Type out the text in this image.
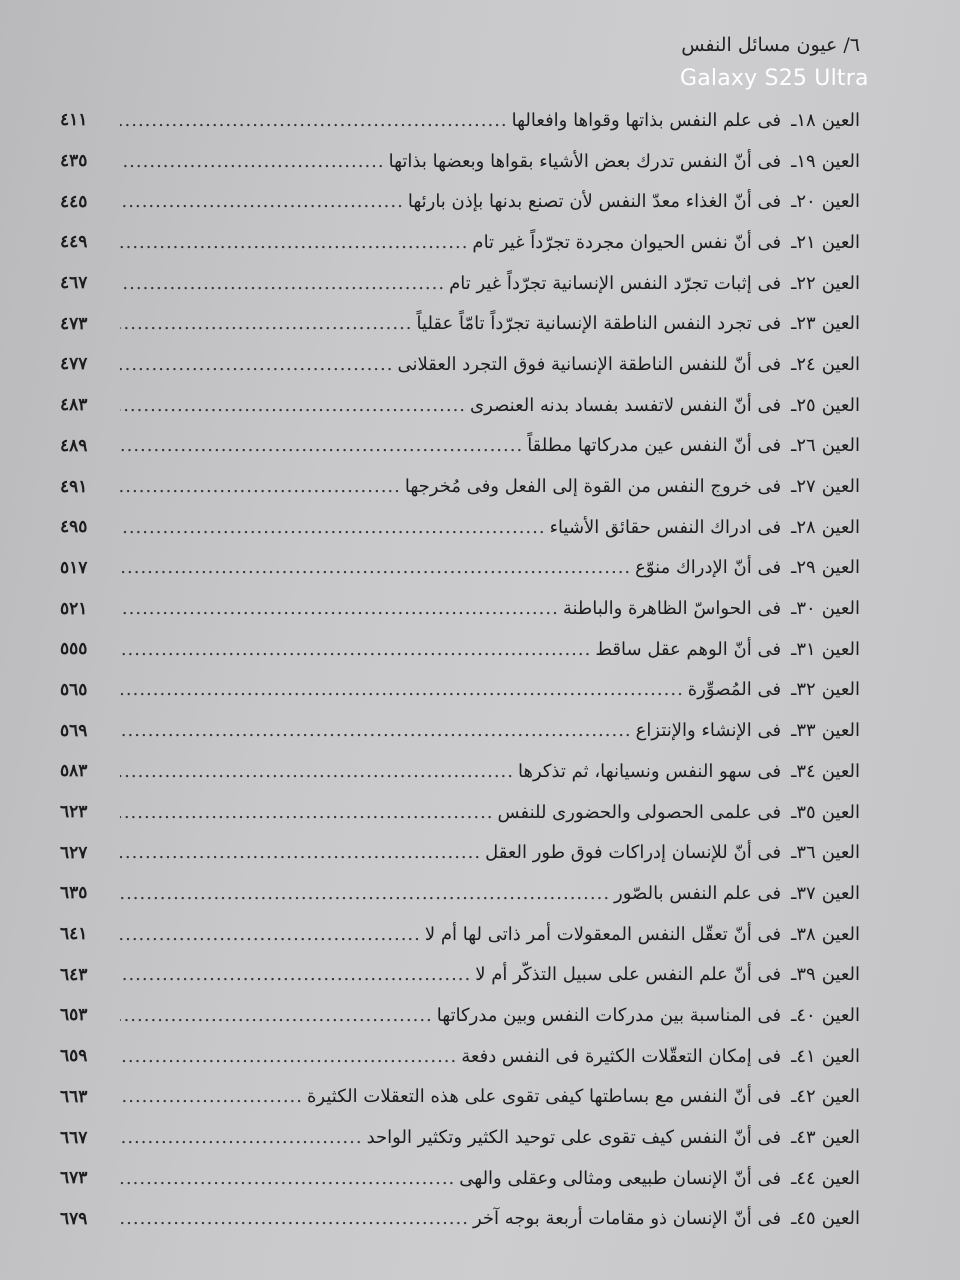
٦/ عيون مسائل النفس
Galaxy S25 Ultra
العين١٨ـ
فى علم النفس بذاتها وقواها وافعالها
.....
٤١١
العين١٩ـ
فى أنّ النفس تدرك بعض الأشياء بقواها وبعضها بذاتها
.....
٤٣٥
العين٢٠ـ
فى أنّ الغذاء معدّ النفس لأن تصنع بدنها بإذن بارئها
.....
٤٤٥
العين٢١ـ
فى أنّ نفس الحيوان مجردة تجرّداً غير تام
.....
٤٤٩
العين٢٢ـ
فى إثبات تجرّد النفس الإنسانية تجرّداً غير تام
.....
٤٦٧
العين٢٣ـ
فى تجرد النفس الناطقة الإنسانية تجرّداً تامّاً عقلياً
.....
٤٧٣
العين٢٤ـ
فى أنّ للنفس الناطقة الإنسانية فوق التجرد العقلانى
.....
٤٧٧
العين٢٥ـ
فى أنّ النفس لاتفسد بفساد بدنه العنصرى
.....
٤٨٣
العين٢٦ـ
فى أنّ النفس عين مدركاتها مطلقاً
.....
٤٨٩
العين٢٧ـ
فى خروج النفس من القوة إلى الفعل وفى مُخرجها
.....
٤٩١
العين٢٨ـ
فى ادراك النفس حقائق الأشياء
.....
٤٩٥
العين٢٩ـ
فى أنّ الإدراك منوّع
.....
٥١٧
العين٣٠ـ
فى الحواسّ الظاهرة والباطنة
.....
٥٢١
العين٣١ـ
فى أنّ الوهم عقل ساقط
.....
٥٥٥
العين٣٢ـ
فى المُصوِّرة
.....
٥٦٥
العين٣٣ـ
فى الإنشاء والإنتزاع
.....
٥٦٩
العين٣٤ـ
فى سهو النفس ونسيانها، ثم تذكرها
.....
٥٨٣
العين٣٥ـ
فى علمى الحصولى والحضورى للنفس
.....
٦٢٣
العين٣٦ـ
فى أنّ للإنسان إدراكات فوق طور العقل
.....
٦٢٧
العين٣٧ـ
فى علم النفس بالصّور
.....
٦٣٥
العين٣٨ـ
فى أنّ تعقّل النفس المعقولات أمر ذاتى لها أم لا
.....
٦٤١
العين٣٩ـ
فى أنّ علم النفس على سبيل التذكّر أم لا
.....
٦٤٣
العين٤٠ـ
فى المناسبة بين مدركات النفس وبين مدركاتها
.....
٦٥٣
العين٤١ـ
فى إمكان التعقّلات الكثيرة فى النفس دفعة
.....
٦٥٩
العين٤٢ـ
فى أنّ النفس مع بساطتها كيفى تقوى على هذه التعقلات الكثيرة
.....
٦٦٣
العين٤٣ـ
فى أنّ النفس كيف تقوى على توحيد الكثير وتكثير الواحد
.....
٦٦٧
العين٤٤ـ
فى أنّ الإنسان طبيعى ومثالى وعقلى والهى
.....
٦٧٣
العين٤٥ـ
فى أنّ الإنسان ذو مقامات أربعة بوجه آخر
.....
٦٧٩
